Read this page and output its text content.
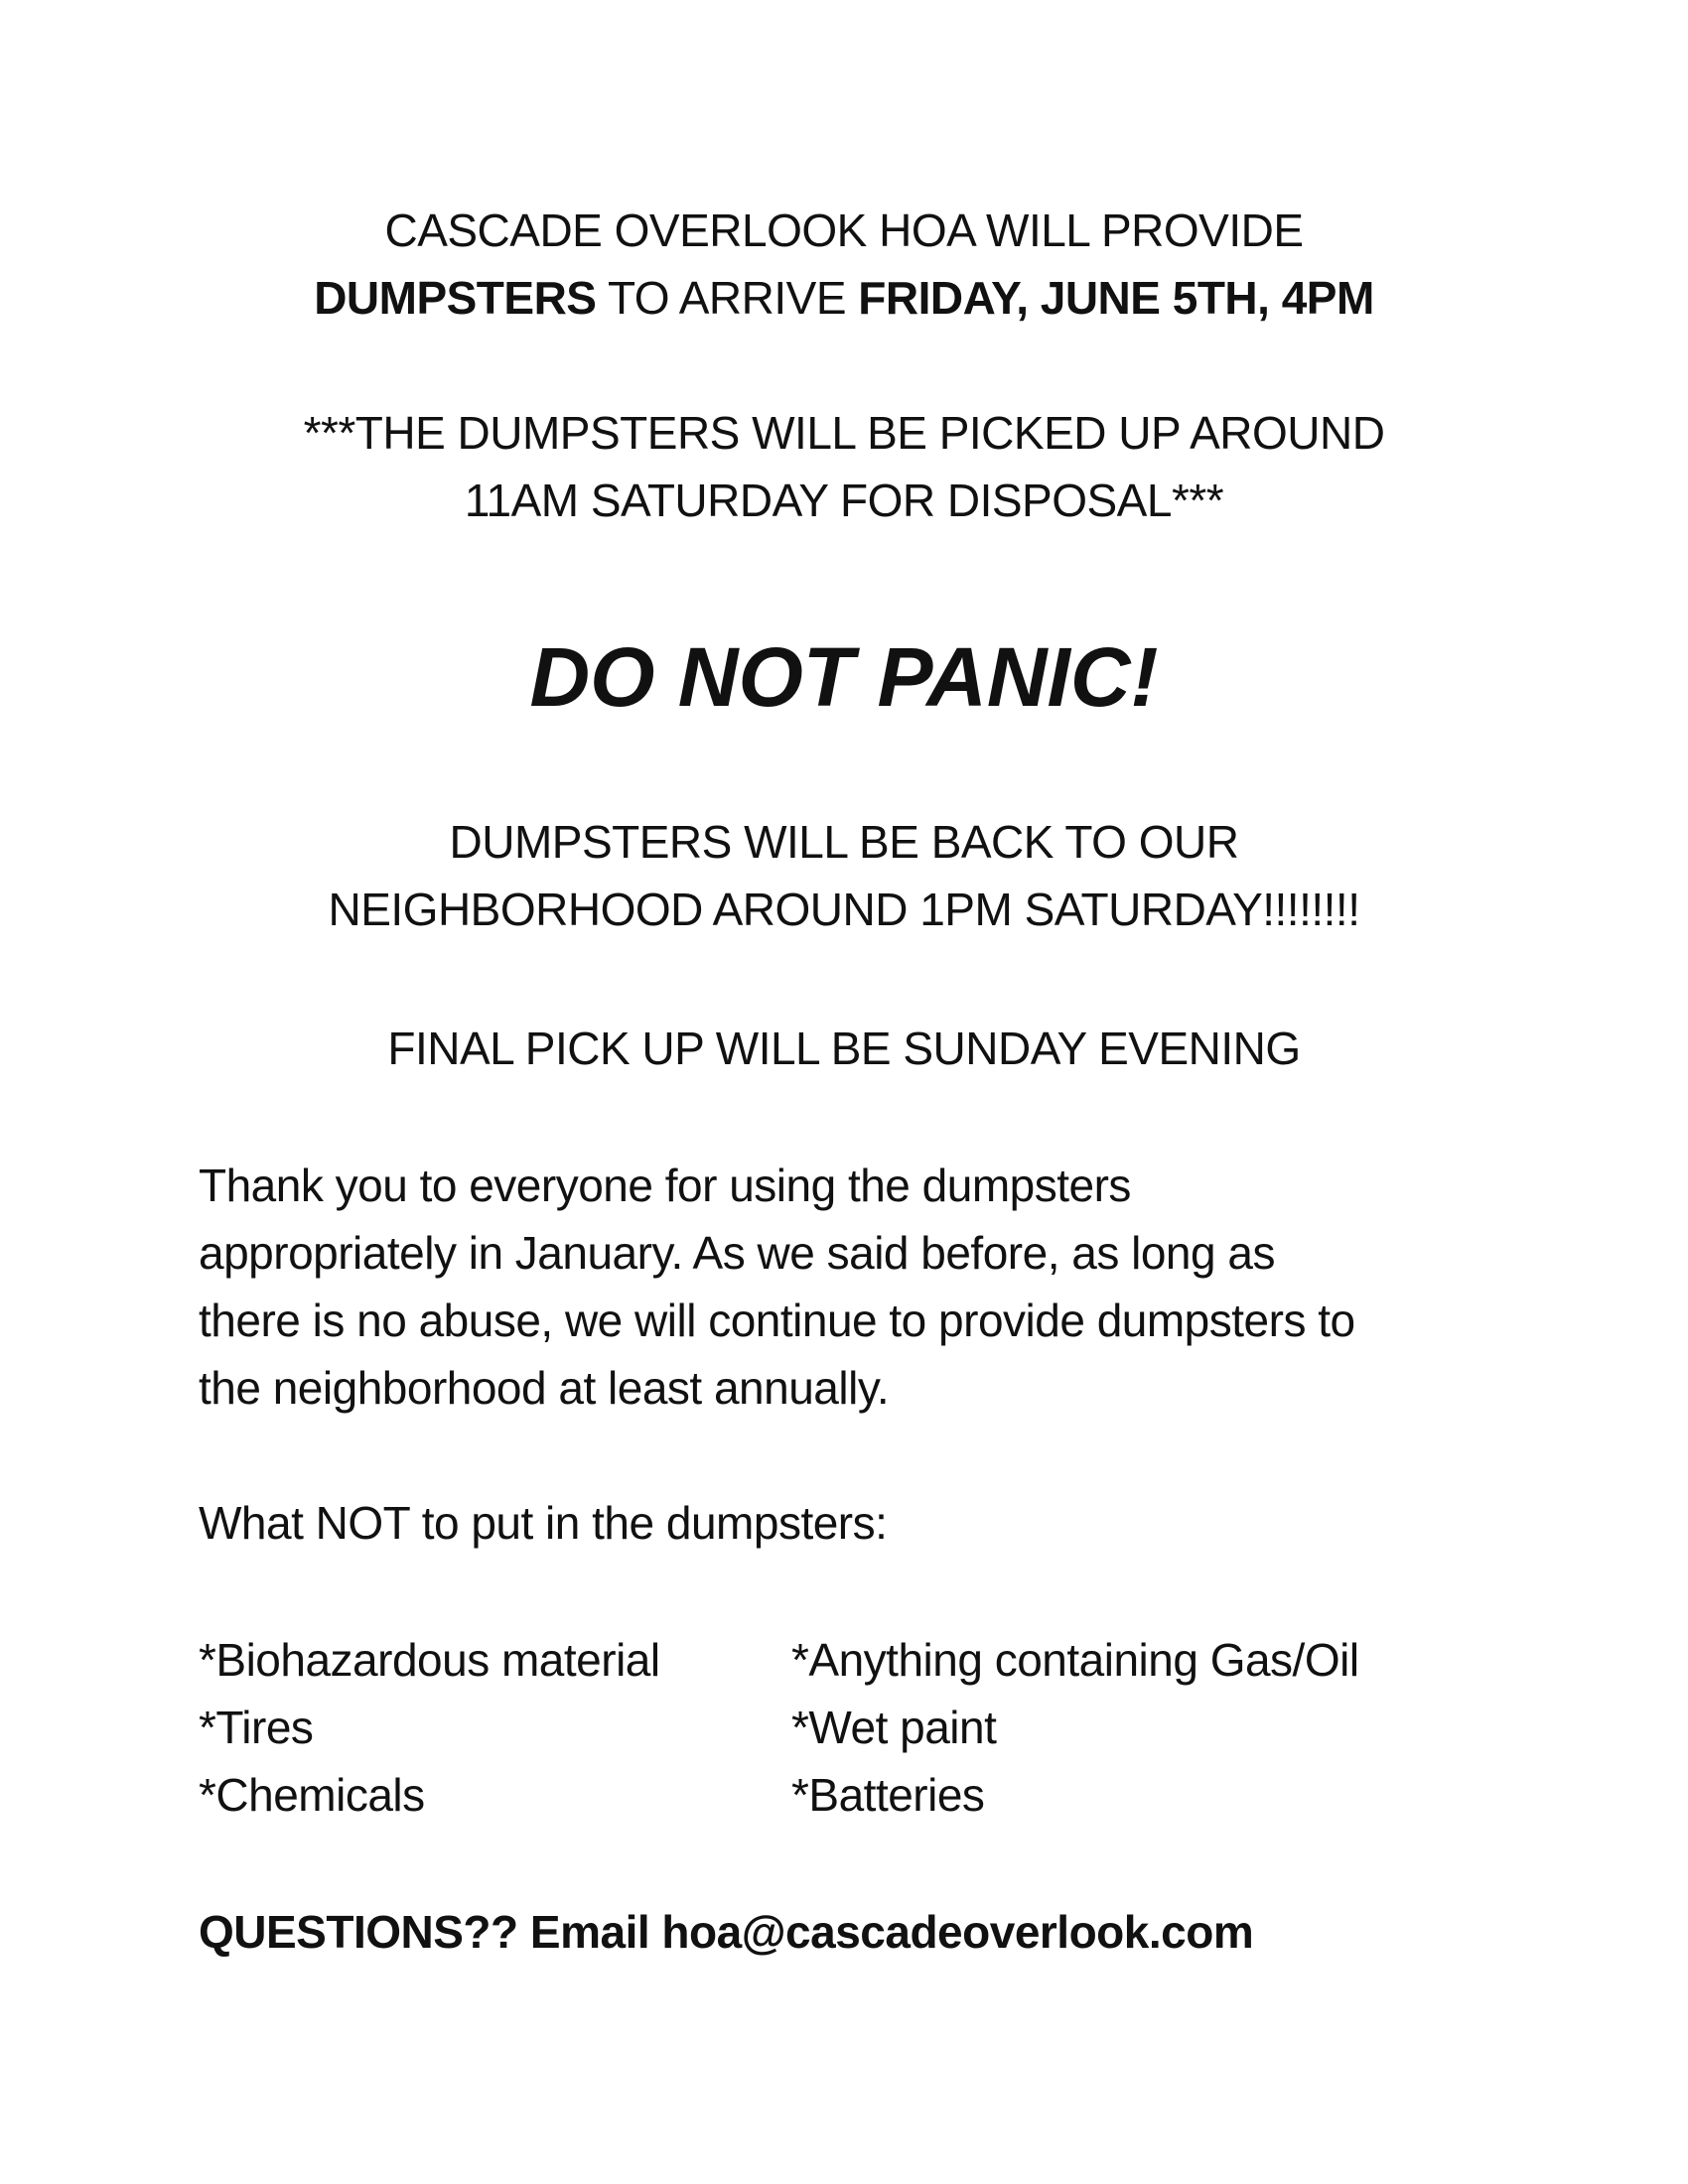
CASCADE OVERLOOK HOA WILL PROVIDE
DUMPSTERS TO ARRIVE FRIDAY, JUNE 5TH, 4PM
***THE DUMPSTERS WILL BE PICKED UP AROUND
11AM SATURDAY FOR DISPOSAL***
DO NOT PANIC!
DUMPSTERS WILL BE BACK TO OUR
NEIGHBORHOOD AROUND 1PM SATURDAY!!!!!!!!
FINAL PICK UP WILL BE SUNDAY EVENING
Thank you to everyone for using the dumpsters
appropriately in January. As we said before, as long as
there is no abuse, we will continue to provide dumpsters to
the neighborhood at least annually.
What NOT to put in the dumpsters:
*Biohazardous material	*Anything containing Gas/Oil
*Tires	*Wet paint
*Chemicals	*Batteries
QUESTIONS?? Email hoa@cascadeoverlook.com
